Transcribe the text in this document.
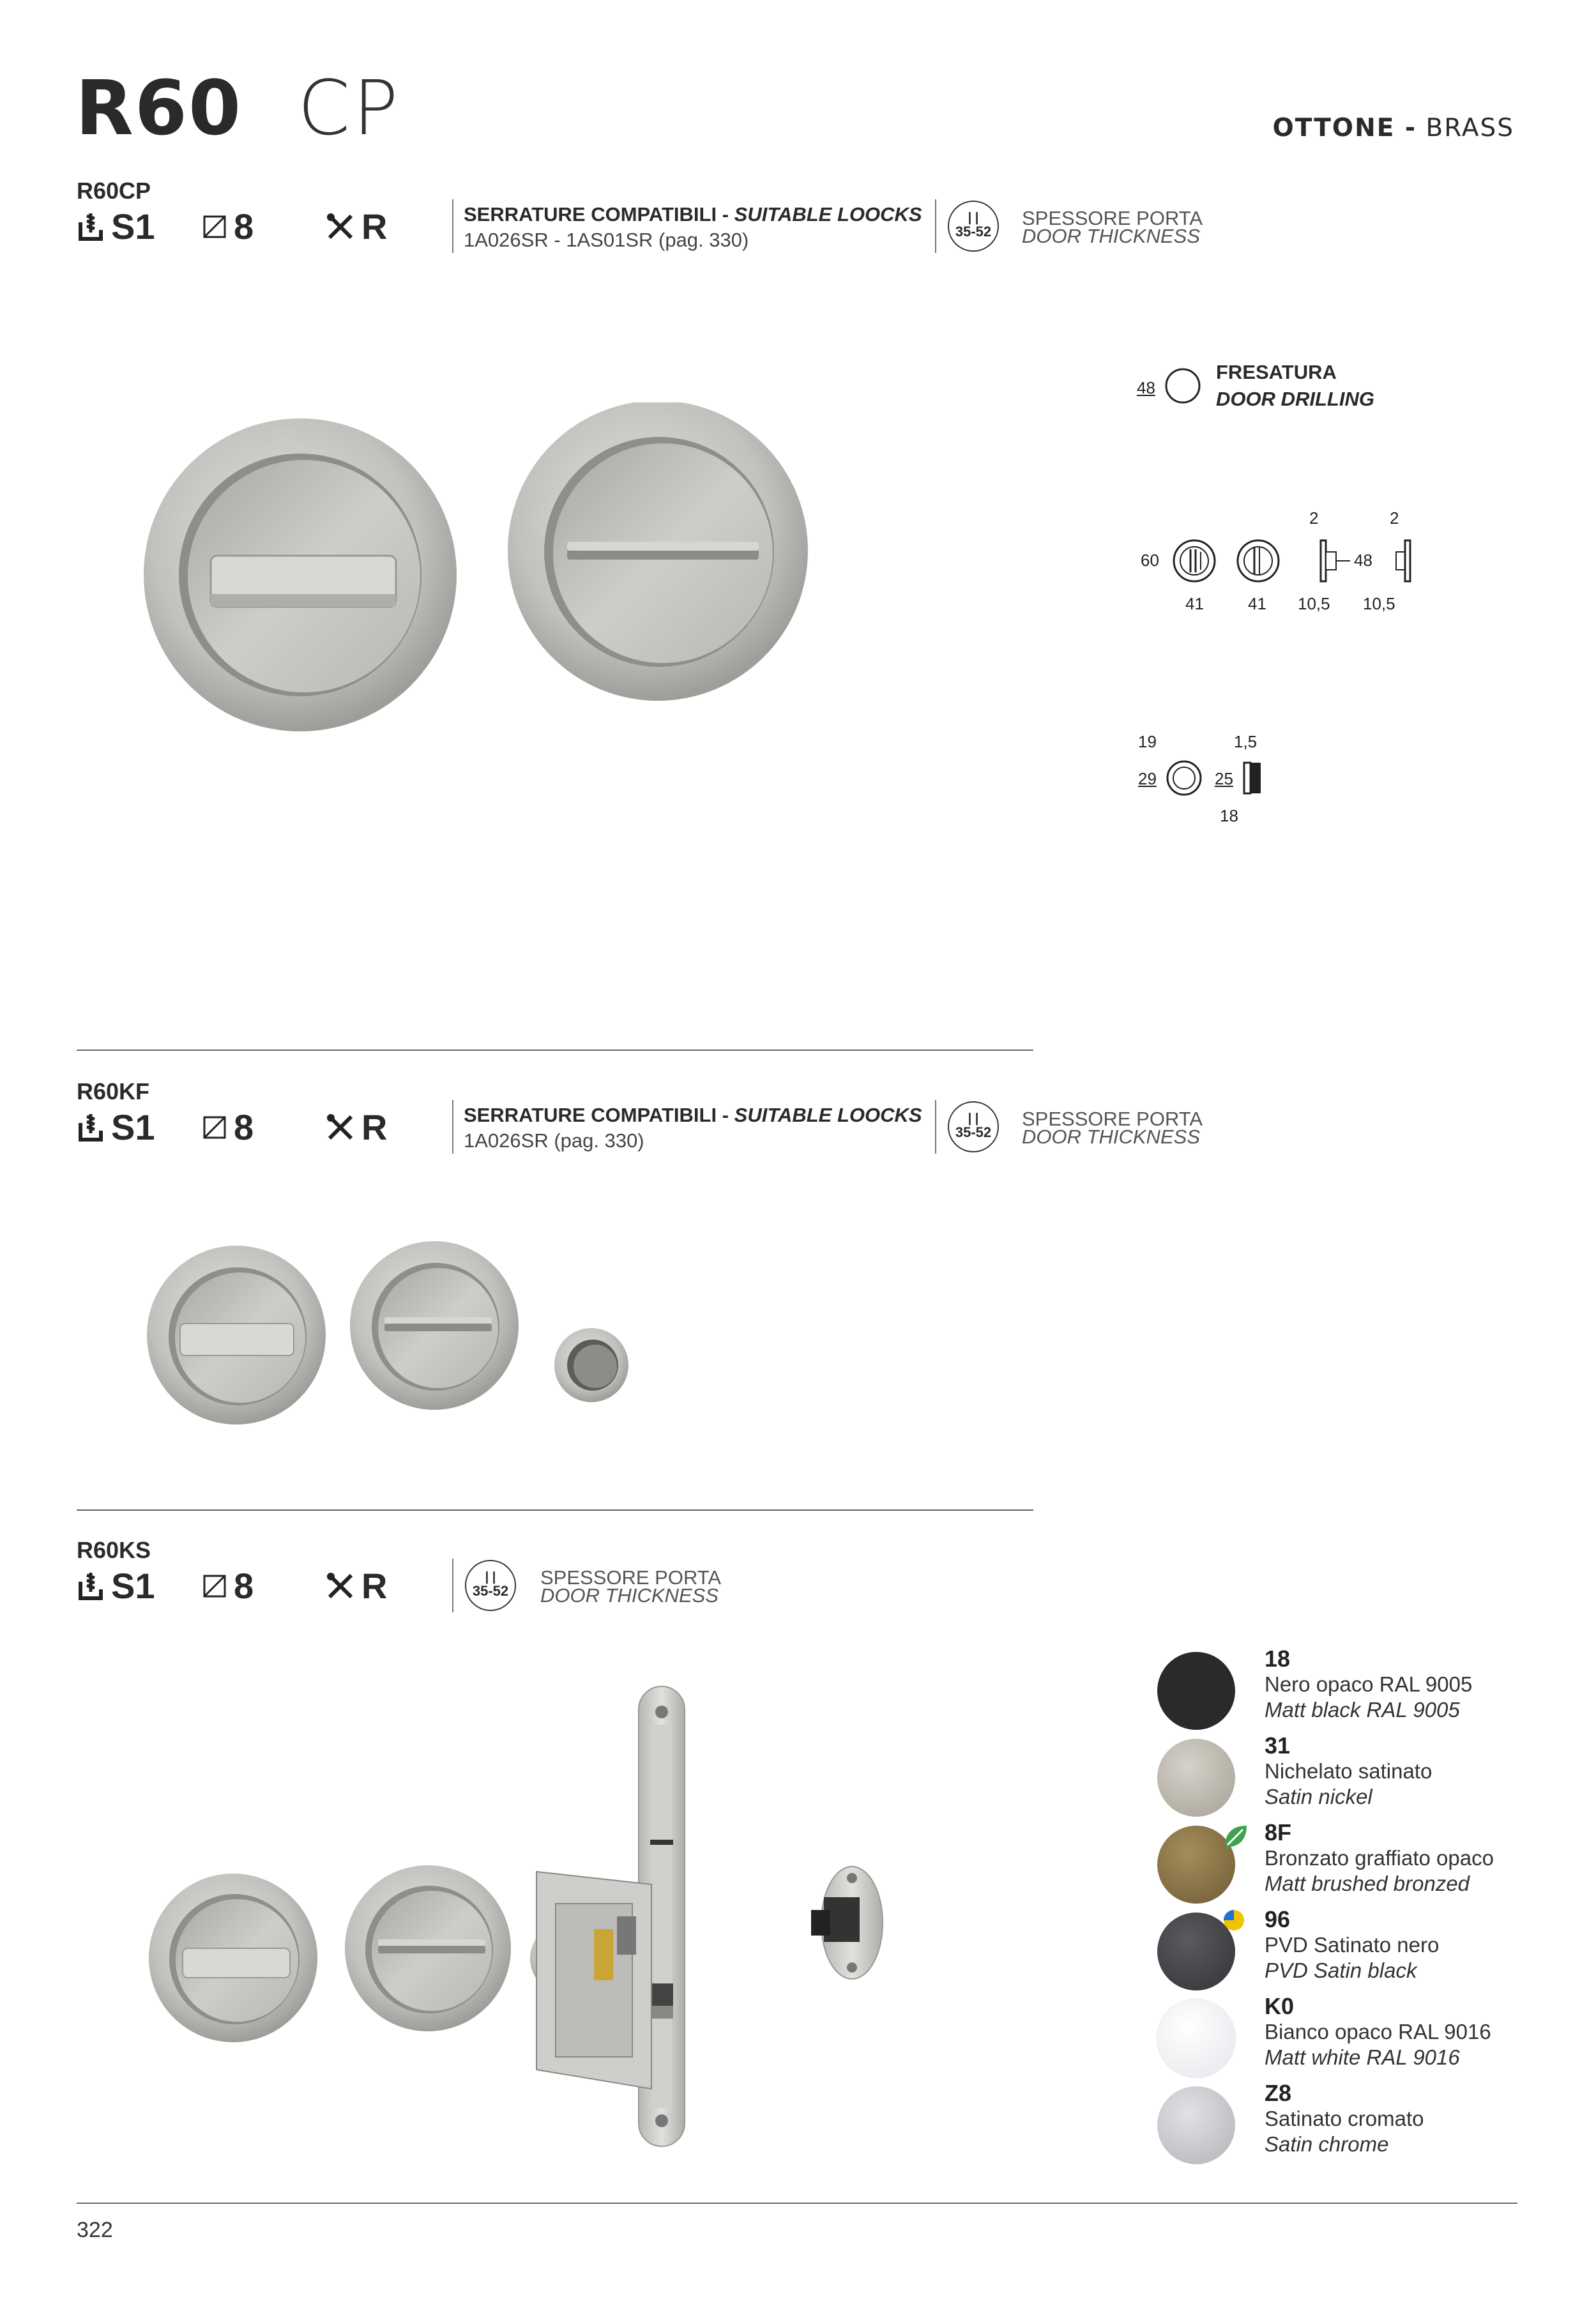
R60 CP	OTTONE - BRASS
R60CP
S1 8	R	SERRATURE COMPATIBILI - SUITABLE LOOCKS
1A026SR - 1AS01SR (pag. 330)
| |
35-52
SPESSORE PORTA
DOOR THICKNESS
48
FRESATURA
DOOR DRILLING
2	2
60	48
41	41 10,5 10,5
19	1,5
29	25
18
R60KF
S1 8	R	SERRATURE COMPATIBILI - SUITABLE LOOCKS
1A026SR (pag. 330)
| |
35-52
SPESSORE PORTA
DOOR THICKNESS
R60KS
S1 8	R	| |
35-52
SPESSORE PORTA
DOOR THICKNESS
18
Nero opaco RAL 9005
Matt black RAL 9005
31
Nichelato satinato
Satin nickel
8F
Bronzato graffiato opaco
Matt brushed bronzed
96
PVD Satinato nero
PVD Satin black
K0
Bianco opaco RAL 9016
Matt white RAL 9016
Z8
Satinato cromato
Satin chrome
322
